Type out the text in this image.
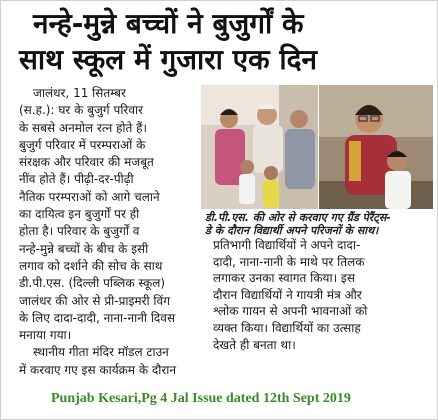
नन्हे-मुन्ने बच्चों ने बुजुर्गों के
साथ स्कूल में गुजारा एक दिन
जालंधर, 11 सितम्बर
(स.ह.): घर के बुजुर्ग परिवार
के सबसे अनमोल रत्न होते हैं।
बुजुर्ग परिवार में परम्पराओं के
संरक्षक और परिवार की मजबूत
नींव होते हैं। पीढ़ी-दर-पीढ़ी
नैतिक परम्पराओं को आगे चलाने
का दायित्व इन बुजुर्गों पर ही
होता है। परिवार के बुजुर्गों व
नन्हे-मुन्ने बच्चों के बीच के इसी
लगाव को दर्शाने की सोच के साथ
डी.पी.एस. (दिल्ली पब्लिक स्कूल)
जालंधर की ओर से प्री-प्राइमरी विंग
के लिए दादा-दादी, नाना-नानी दिवस
मनाया गया।
स्थानीय गीता मंदिर मॉडल टाउन
में करवाए गए इस कार्यक्रम के दौरान
डी.पी.एस. की ओर से करवाए गए ग्रैंड पेरैंट्स-
डे के दौरान विद्यार्थी अपने परिजनों के साथ।
प्रतिभागी विद्यार्थियों ने अपने दादा-
दादी, नाना-नानी के माथे पर तिलक
लगाकर उनका स्वागत किया। इस
दौरान विद्यार्थियों ने गायत्री मंत्र और
श्लोक गायन से अपनी भावनाओं को
व्यक्त किया। विद्यार्थियों का उत्साह
देखते ही बनता था।
Punjab Kesari,Pg 4 Jal Issue dated 12th Sept 2019
